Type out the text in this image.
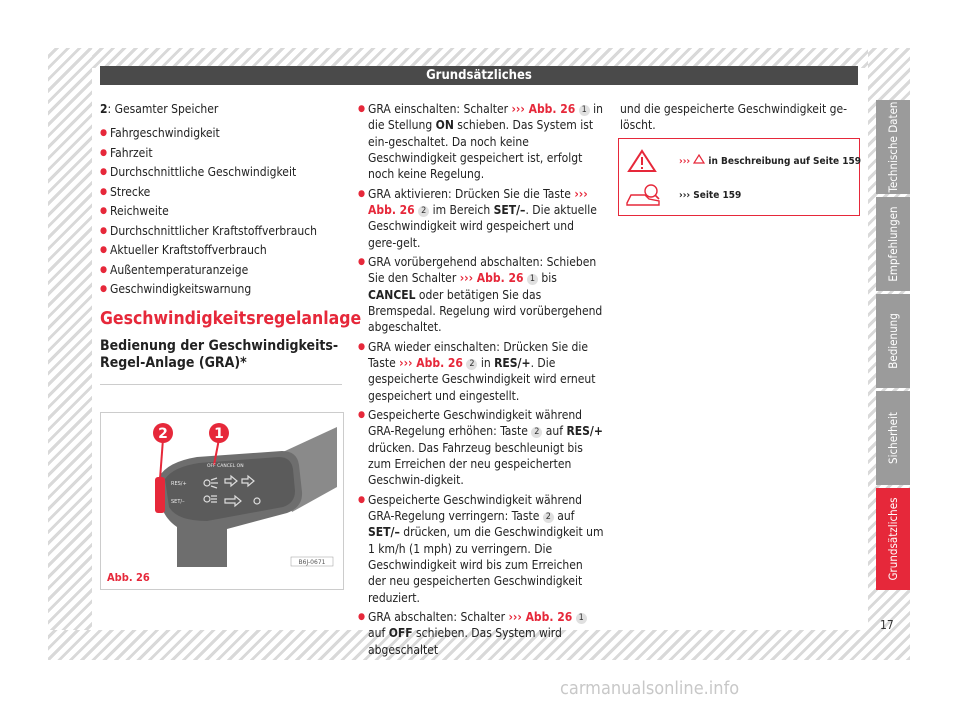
Grundsätzliches

2: Gesamter Speicher

● Fahrgeschwindigkeit
● Fahrzeit
● Durchschnittliche Geschwindigkeit
● Strecke
● Reichweite
● Durchschnittlicher Kraftstoffverbrauch
● Aktueller Kraftstoffverbrauch
● Außentemperaturanzeige
● Geschwindigkeitswarnung
Geschwindigkeitsregelanlage
Bedienung der Geschwindigkeits-
Regel-Anlage (GRA)*
2	1
RES/+
SET/–
OFF CANCEL ON
B6J-0671
Abb. 26
● GRA einschalten: Schalter ››› Abb. 26 1 in die Stellung ON schieben. Das System ist ein-geschaltet. Da noch keine Geschwindigkeit gespeichert ist, erfolgt noch keine Regelung.
● GRA aktivieren: Drücken Sie die Taste ››› Abb. 26 2 im Bereich SET/–. Die aktuelle Geschwindigkeit wird gespeichert und gere-gelt.
● GRA vorübergehend abschalten: Schieben Sie den Schalter ››› Abb. 26 1 bis CANCEL oder betätigen Sie das Bremspedal. Regelung wird vorübergehend abgeschaltet.
● GRA wieder einschalten: Drücken Sie die Taste ››› Abb. 26 2 in RES/+. Die gespeicherte Geschwindigkeit wird erneut gespeichert und eingestellt.
● Gespeicherte Geschwindigkeit während GRA-Regelung erhöhen: Taste 2 auf RES/+ drücken. Das Fahrzeug beschleunigt bis zum Erreichen der neu gespeicherten Geschwin-digkeit.
● Gespeicherte Geschwindigkeit während GRA-Regelung verringern: Taste 2 auf SET/– drücken, um die Geschwindigkeit um 1 km/h (1 mph) zu verringern. Die Geschwindigkeit wird bis zum Erreichen der neu gespeicherten Geschwindigkeit reduziert.
● GRA abschalten: Schalter ››› Abb. 26 1 auf OFF schieben. Das System wird abgeschaltet

und die gespeicherte Geschwindigkeit ge-löscht.

›››  in Beschreibung auf Seite 159
››› Seite 159
Technische Daten
Empfehlungen
Bedienung
Sicherheit
Grundsätzliches
17
carmanualsonline.info
